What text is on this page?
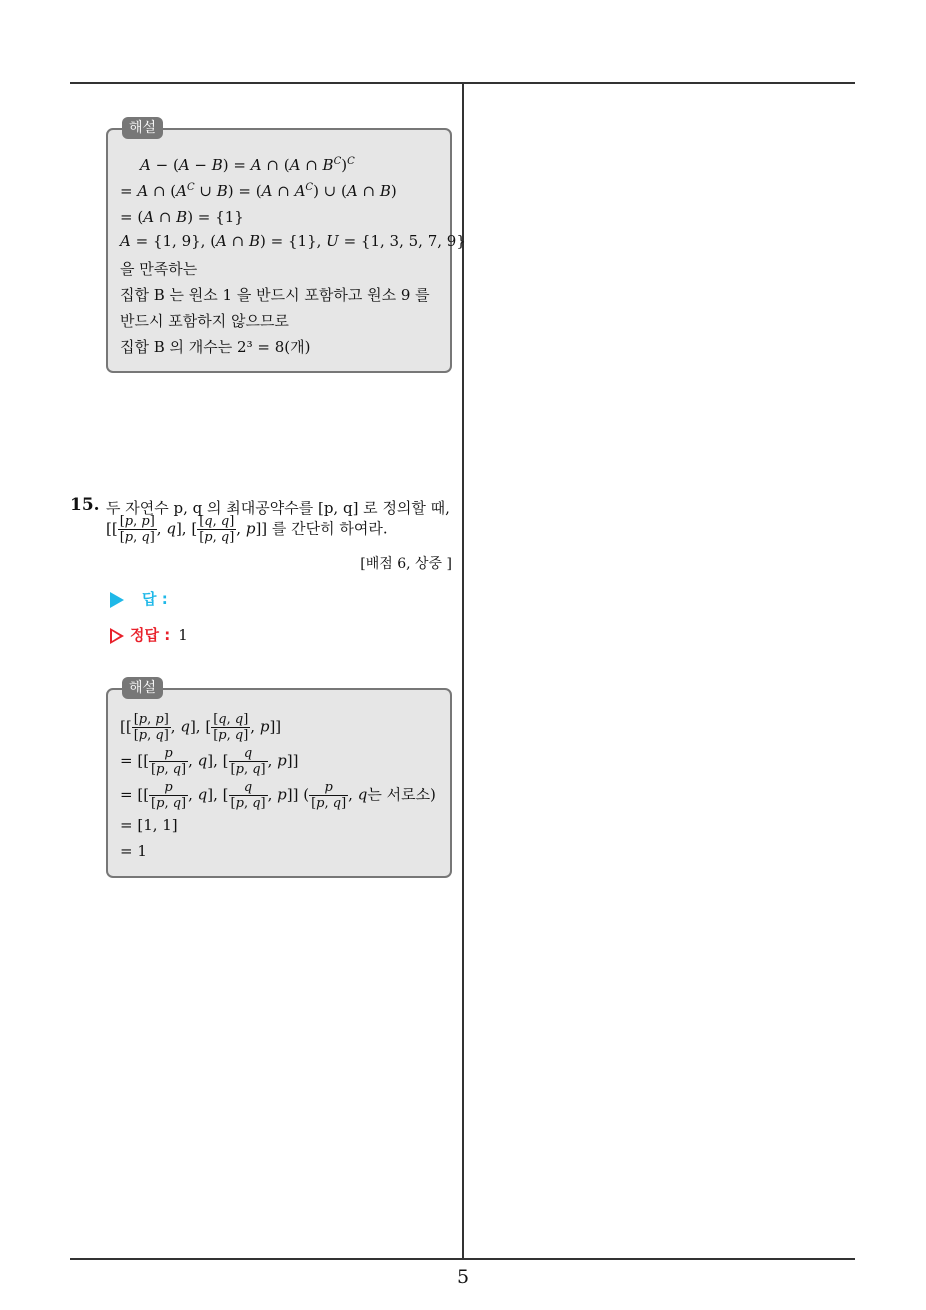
해설
A − (A − B) = A ∩ (A ∩ $B^C)^C$
= A ∩ ($A^C$ ∪ B) = (A ∩ $A^C$) ∪ (A ∩ B)
= (A ∩ B) = {1}
A = {1, 9}, (A ∩ B) = {1}, U = {1, 3, 5, 7, 9}
을 만족하는
집합 B 는 원소 1 을 반드시 포함하고 원소 9 를
반드시 포함하지 않으므로
집합 B 의 개수는 2³ = 8(개)
15. 두 자연수 p, q 의 최대공약수를 [p, q] 로 정의할 때,
[[ $\frac{[p, p]}{[p, q]}$ , q], [ $\frac{[q, q]}{[p, q]}$ , p]] 를 간단히 하여라.
[배점 6, 상중 ]
답 :
정답 : 1
해설
[[ $\frac{[p, p]}{[p, q]}$ , q], [ $\frac{[q, q]}{[p, q]}$ , p]]
= [[ $\frac{p}{[p, q]}$ , q], [ $\frac{q}{[p, q]}$ , p]]
= [[ $\frac{p}{[p, q]}$ , q], [ $\frac{q}{[p, q]}$ , p]] ( $\frac{p}{[p, q]}$ , q는 서로소)
= [1, 1]
= 1
5
